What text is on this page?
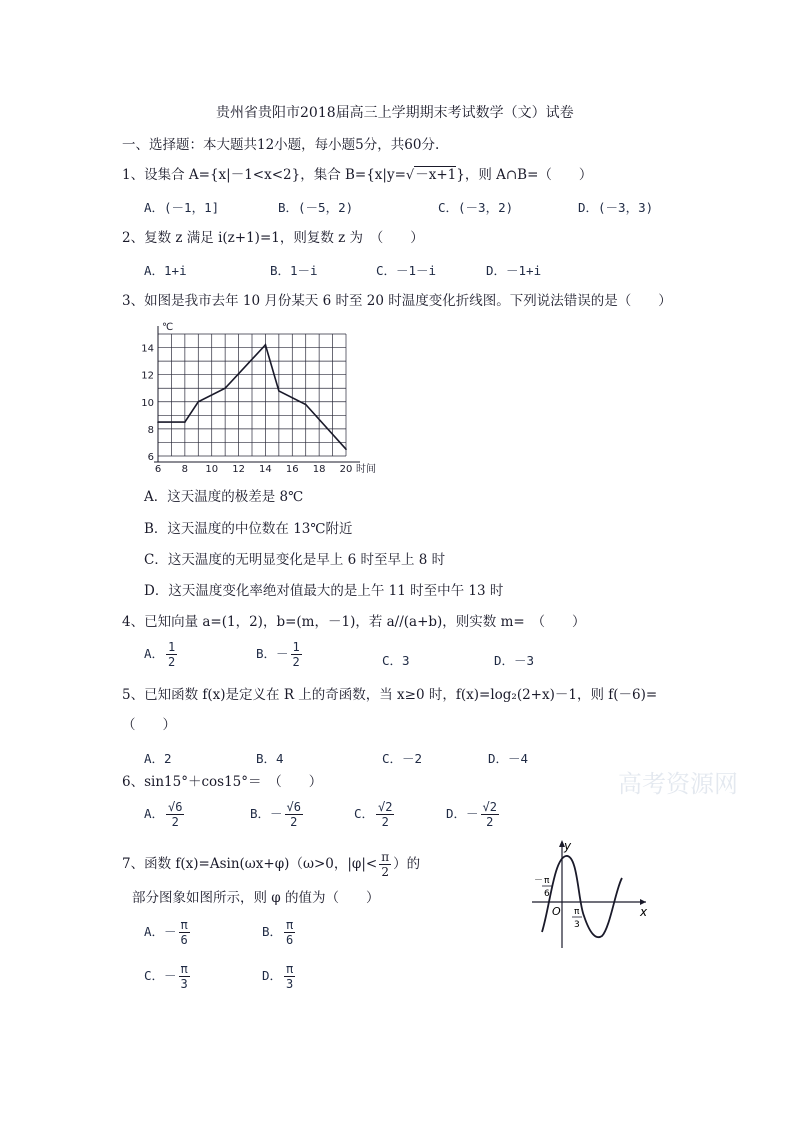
贵州省贵阳市2018届高三上学期期末考试数学（文）试卷
一、选择题：本大题共12小题，每小题5分，共60分.
1、设集合 A={x|－1<x<2}，集合 B={x|y=√－x+1}，则 A∩B=（　　）
A．(－1，1]	B．(－5，2)	C．(－3，2)	D．(－3，3)
2、复数 z 满足 i(z+1)=1，则复数 z 为　（　　）
A．1+i	B．1－i	C．－1－i	D．－1+i
3、如图是我市去年 10 月份某天 6 时至 20 时温度变化折线图。下列说法错误的是（　　）
℃
时间
6 8 10 12 14 16 18 20
6
8
10
12
14
A．这天温度的极差是 8℃
B．这天温度的中位数在 13℃附近
C．这天温度的无明显变化是早上 6 时至早上 8 时
D．这天温度变化率绝对值最大的是上午 11 时至中午 13 时
4、已知向量 a=(1，2)，b=(m，－1)，若 a//(a+b)，则实数 m=　（　　）
A． $\frac{1}{2}$	B．－ $\frac{1}{2}$	C．3	D．－3
5、已知函数 f(x)是定义在 R 上的奇函数，当 x≥0 时，f(x)=log₂(2+x)－1，则 f(－6)=
（　　）
A．2	B．4	C．－2	D．－4
高考资源网
6、sin15°＋cos15°＝　（　　）
A． $\frac{√6}{2}$	B．－ $\frac{√6}{2}$	C． $\frac{√2}{2}$	D．－ $\frac{√2}{2}$
7、函数 f(x)=Asin(ωx+φ)（ω>0，$|\varphi|< \frac{\pi}{2}$ ）的
部分图象如图所示，则 φ 的值为（　　）
A．－ $\frac{\pi}{6}$	B． $\frac{\pi}{6}$
C．－ $\frac{\pi}{3}$	D． $\frac{\pi}{3}$
y
x
O
－ π
6
π
3
